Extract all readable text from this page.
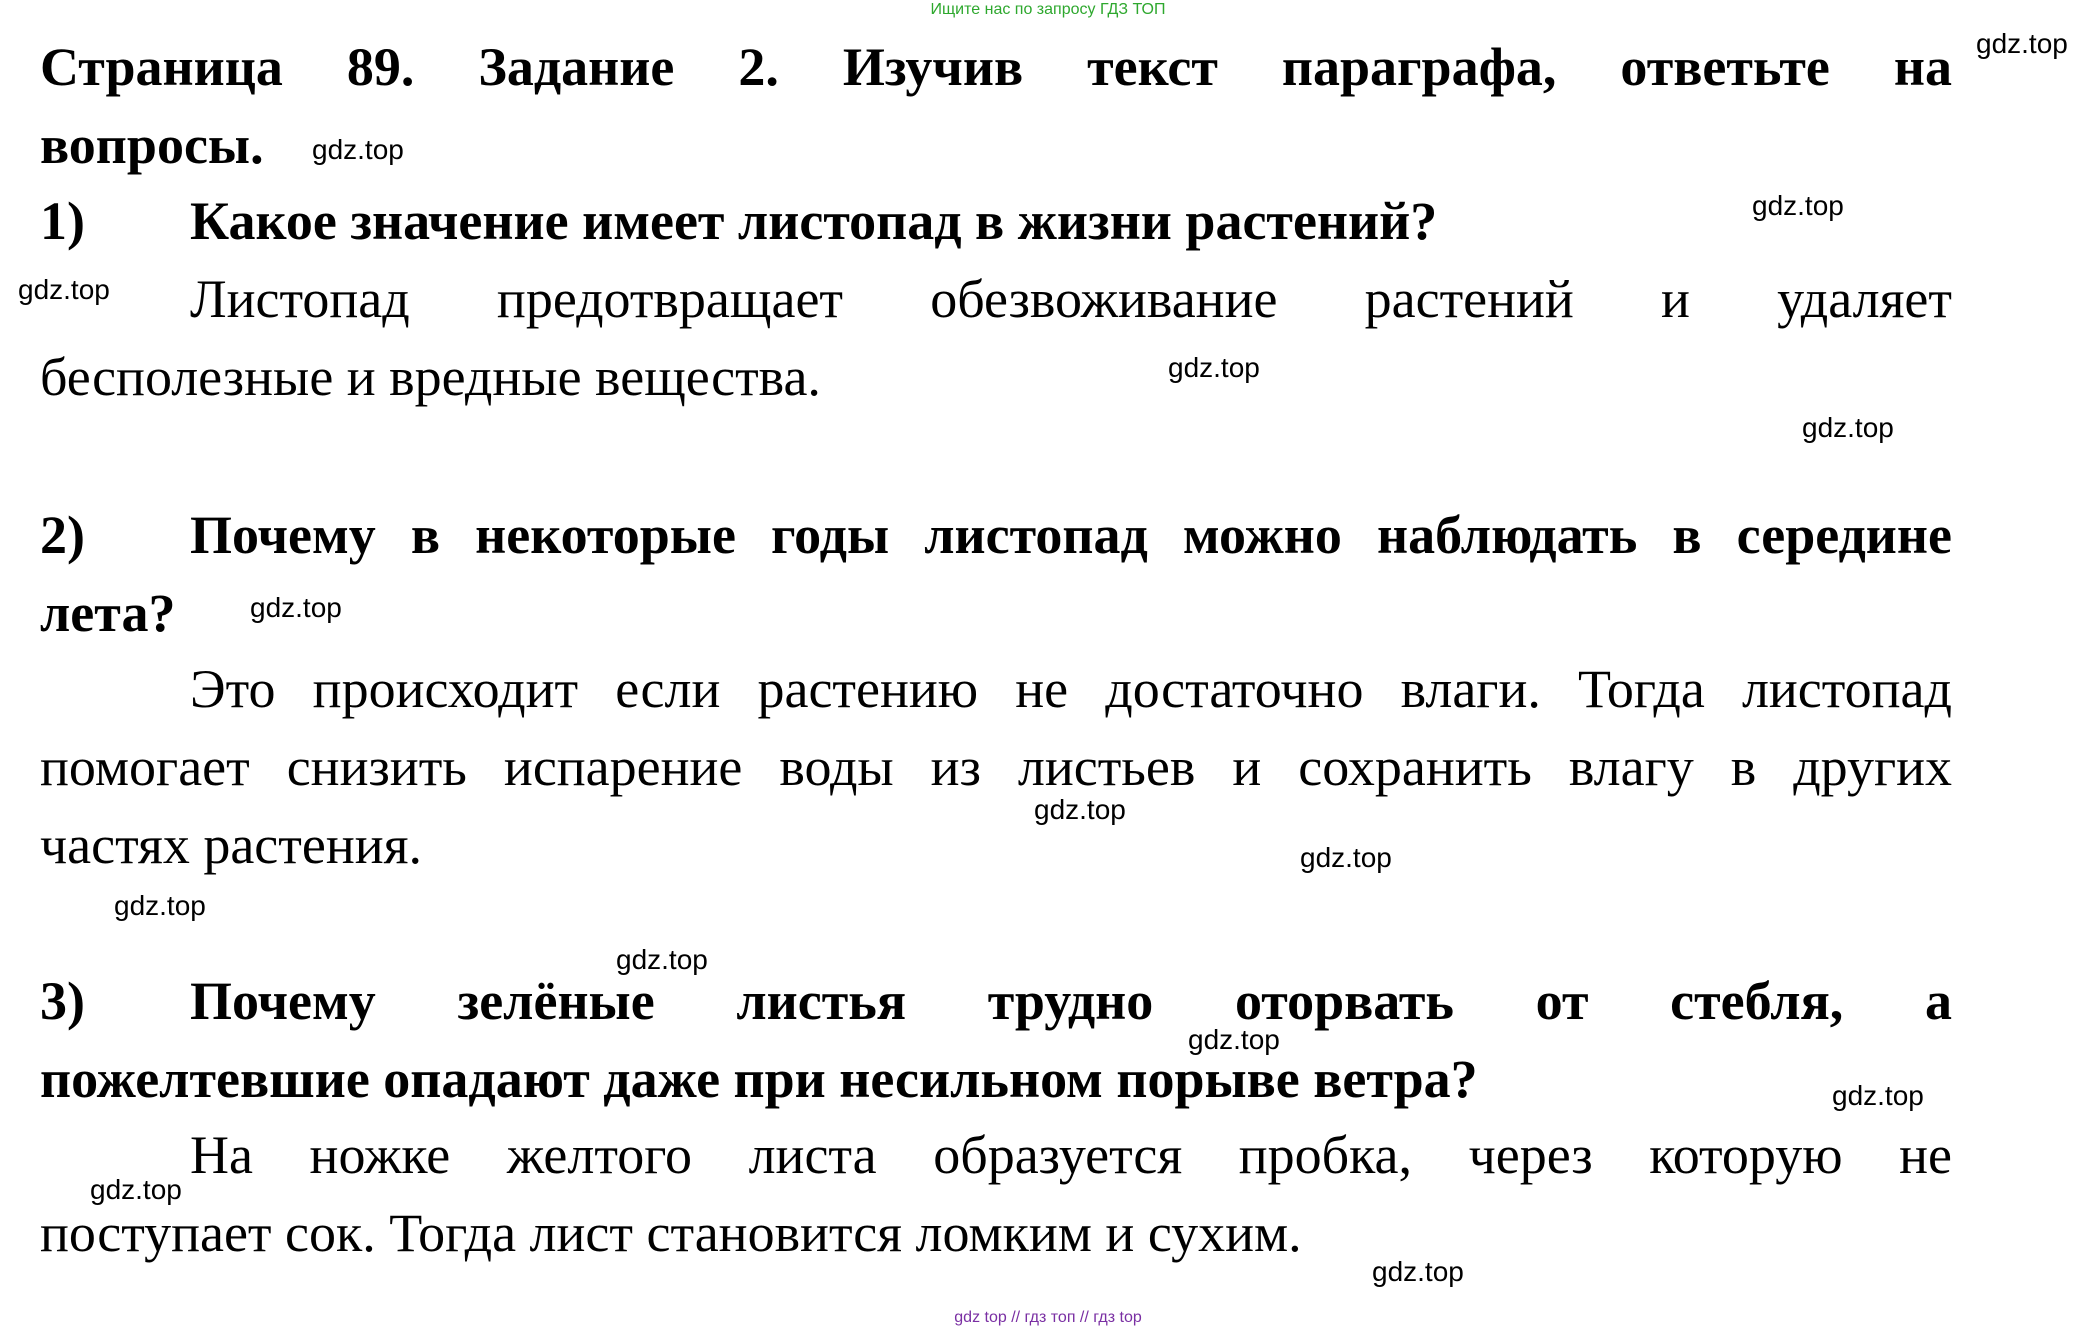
Ищите нас по запросу ГДЗ ТОП
Страница 89. Задание 2. Изучив текст параграфа, ответьте на
вопросы.
1) Какое значение имеет листопад в жизни растений?
Листопад предотвращает обезвоживание растений и удаляет
бесполезные и вредные вещества.
2) Почему в некоторые годы листопад можно наблюдать в середине
лета?
Это происходит если растению не достаточно влаги. Тогда листопад
помогает снизить испарение воды из листьев и сохранить влагу в других
частях растения.
3) Почему зелёные листья трудно оторвать от стебля, а
пожелтевшие опадают даже при несильном порыве ветра?
На ножке желтого листа образуется пробка, через которую не
поступает сок. Тогда лист становится ломким и сухим.
gdz.top
gdz.top
gdz.top
gdz.top
gdz.top
gdz.top
gdz.top
gdz.top
gdz.top
gdz.top
gdz.top
gdz.top
gdz.top
gdz.top
gdz.top
gdz top // гдз топ // гдз top
